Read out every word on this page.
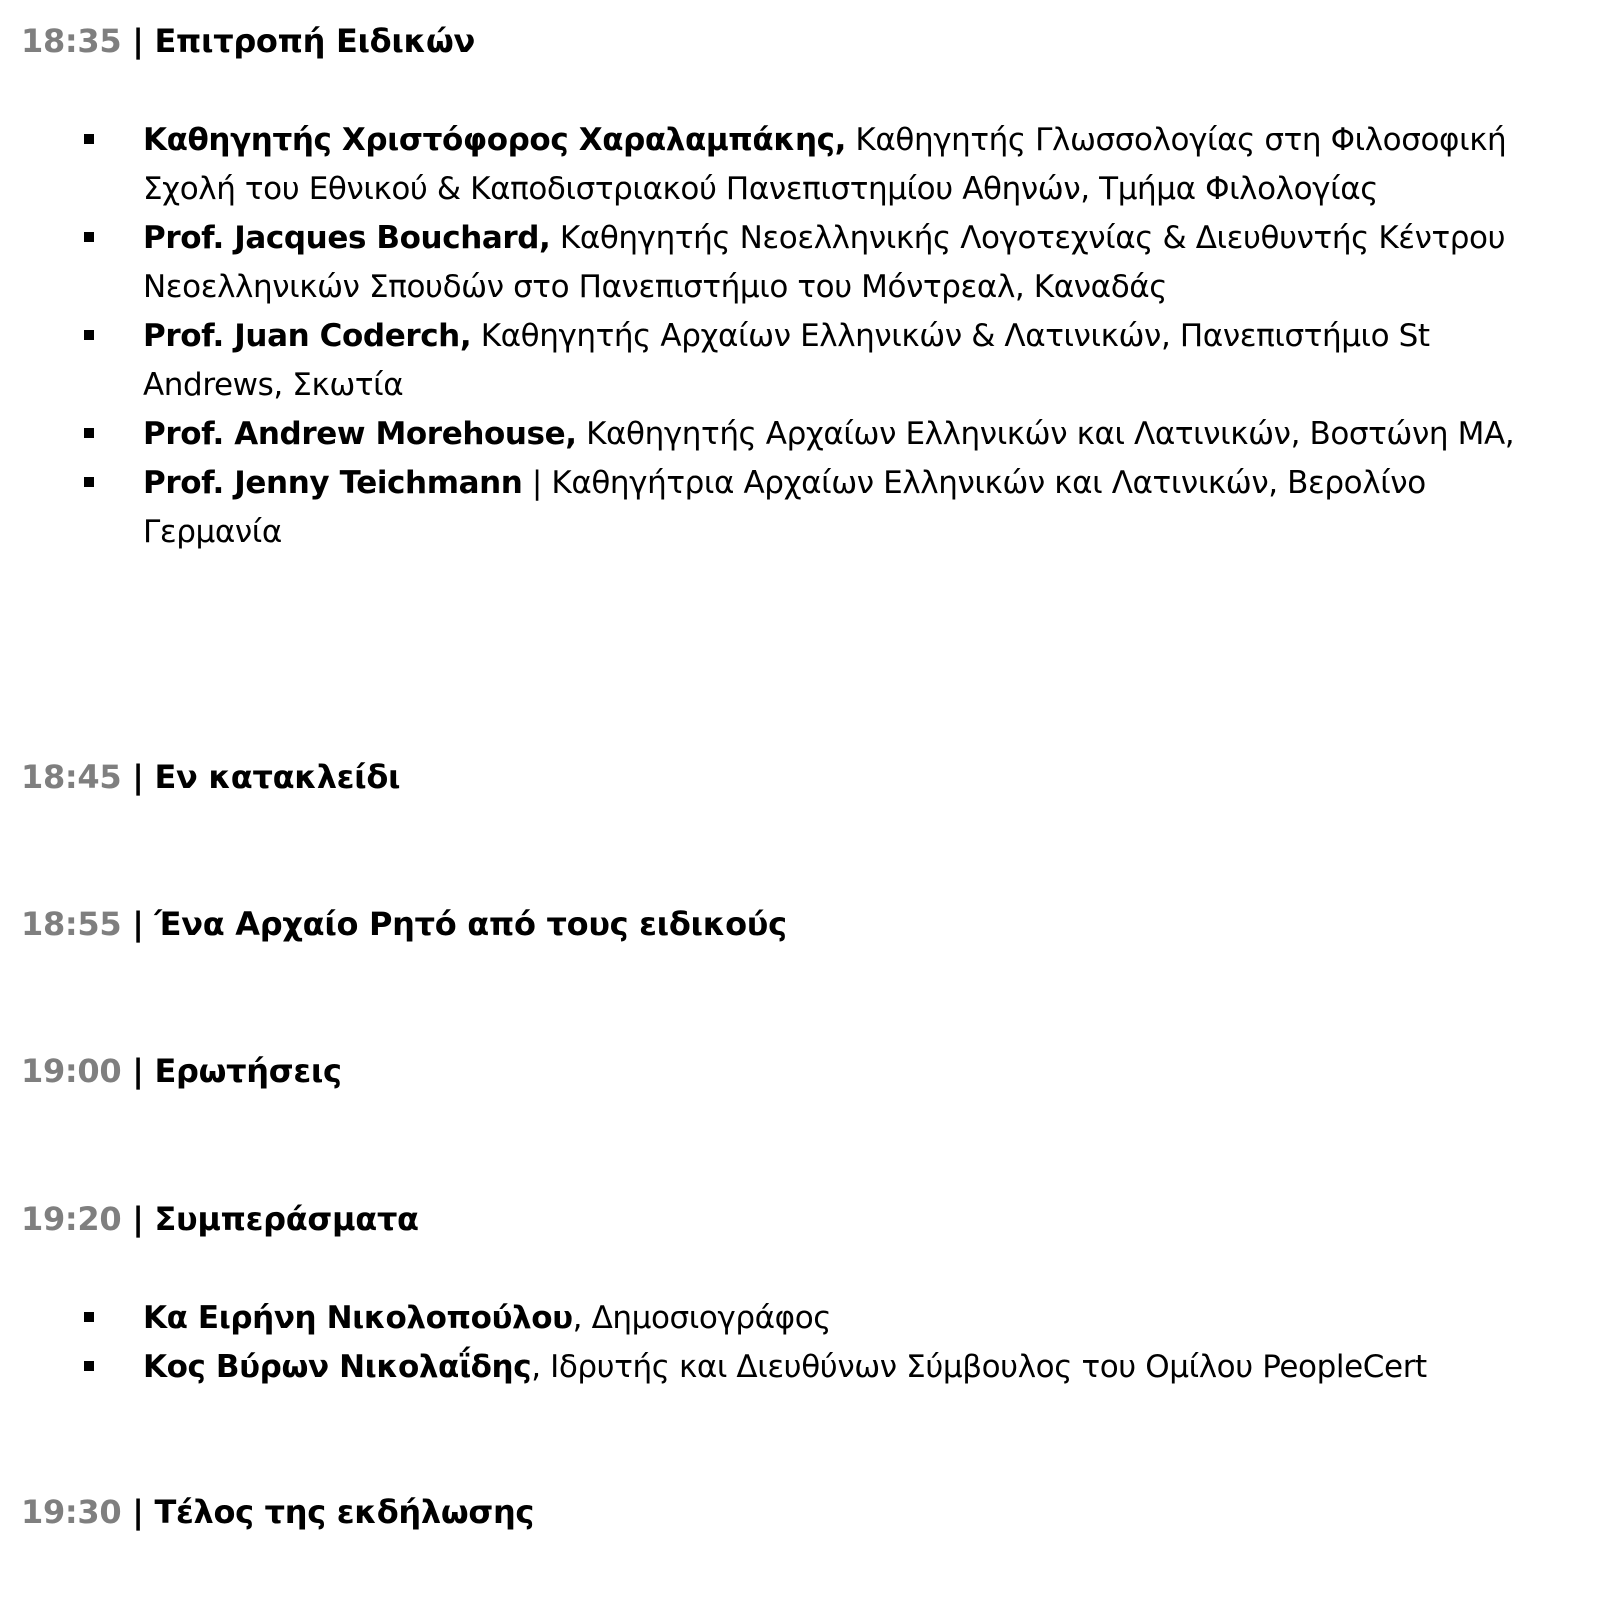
18:35 | Επιτροπή Ειδικών
Καθηγητής Χριστόφορος Χαραλαμπάκης, Καθηγητής Γλωσσολογίας στη Φιλοσοφική Σχολή του Εθνικού & Καποδιστριακού Πανεπιστημίου Αθηνών, Τμήμα Φιλολογίας
Prof. Jacques Bouchard, Καθηγητής Νεοελληνικής Λογοτεχνίας & Διευθυντής Κέντρου Νεοελληνικών Σπουδών στο Πανεπιστήμιο του Μόντρεαλ, Καναδάς
Prof. Juan Coderch, Καθηγητής Αρχαίων Ελληνικών & Λατινικών, Πανεπιστήμιο St Andrews, Σκωτία
Prof. Andrew Morehouse, Καθηγητής Αρχαίων Ελληνικών και Λατινικών, Βοστώνη MA,
Prof. Jenny Teichmann | Καθηγήτρια Αρχαίων Ελληνικών και Λατινικών, Βερολίνο Γερμανία
18:45 | Εν κατακλείδι
18:55 | Ένα Αρχαίο Ρητό από τους ειδικούς
19:00 | Ερωτήσεις
19:20 | Συμπεράσματα
Κα Ειρήνη Νικολοπούλου, Δημοσιογράφος
Κος Βύρων Νικολαΐδης, Ιδρυτής και Διευθύνων Σύμβουλος του Ομίλου PeopleCert
19:30 | Τέλος της εκδήλωσης
